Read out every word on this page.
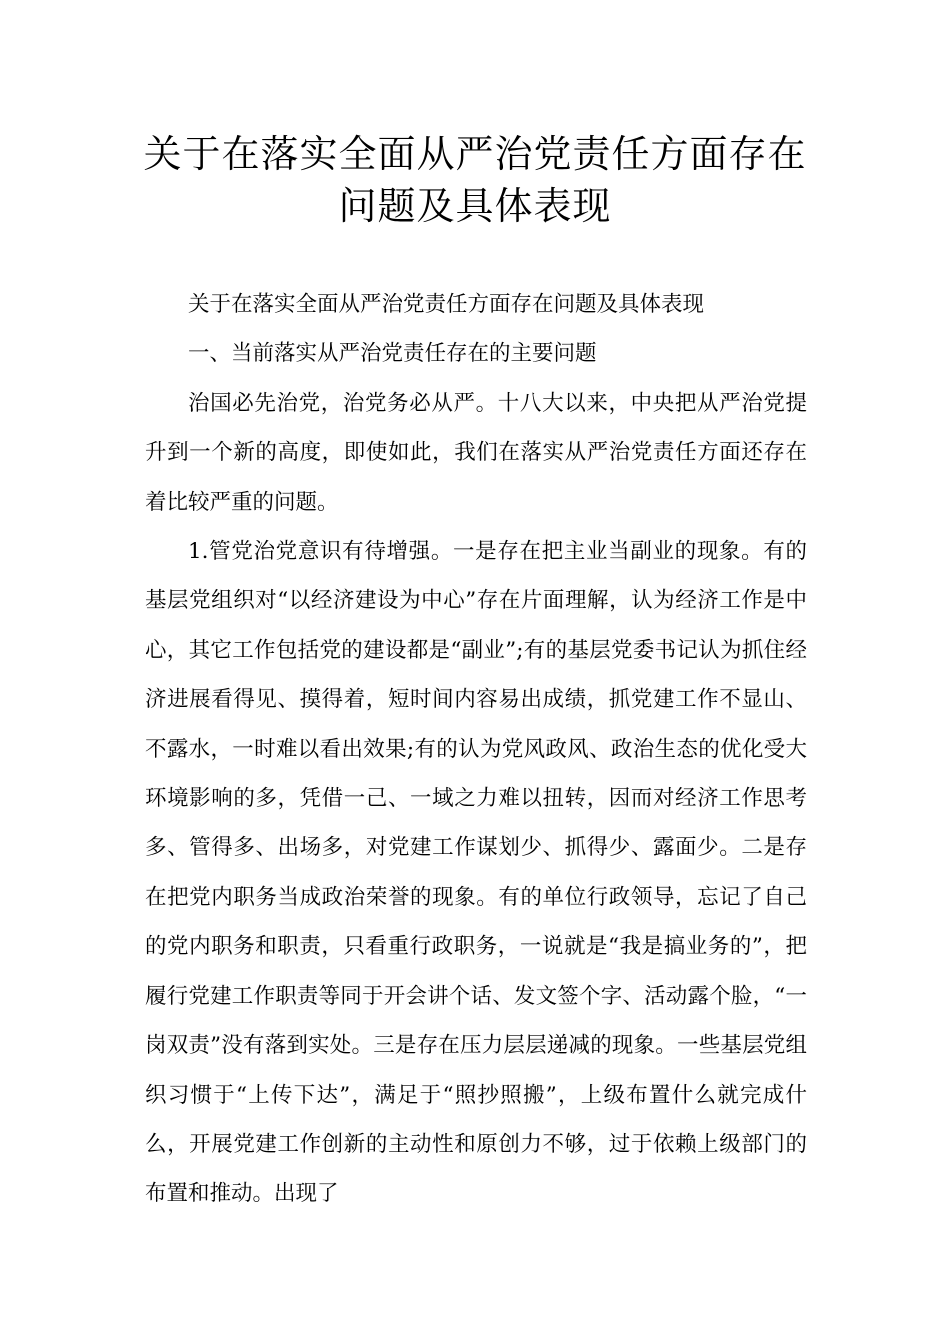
关于在落实全面从严治党责任方面存在
问题及具体表现

关于在落实全面从严治党责任方面存在问题及具体表现

一、当前落实从严治党责任存在的主要问题

治国必先治党，治党务必从严。十八大以来，中央把从严治党提升到一个新的高度，即使如此，我们在落实从严治党责任方面还存在着比较严重的问题。

1.管党治党意识有待增强。一是存在把主业当副业的现象。有的基层党组织对“以经济建设为中心”存在片面理解，认为经济工作是中心，其它工作包括党的建设都是“副业”;有的基层党委书记认为抓住经济进展看得见、摸得着，短时间内容易出成绩，抓党建工作不显山、不露水，一时难以看出效果;有的认为党风政风、政治生态的优化受大环境影响的多，凭借一己、一域之力难以扭转，因而对经济工作思考多、管得多、出场多，对党建工作谋划少、抓得少、露面少。二是存在把党内职务当成政治荣誉的现象。有的单位行政领导，忘记了自己的党内职务和职责，只看重行政职务，一说就是“我是搞业务的”，把履行党建工作职责等同于开会讲个话、发文签个字、活动露个脸，“一岗双责”没有落到实处。三是存在压力层层递减的现象。一些基层党组织习惯于“上传下达”，满足于“照抄照搬”，上级布置什么就完成什么，开展党建工作创新的主动性和原创力不够，过于依赖上级部门的布置和推动。出现了
